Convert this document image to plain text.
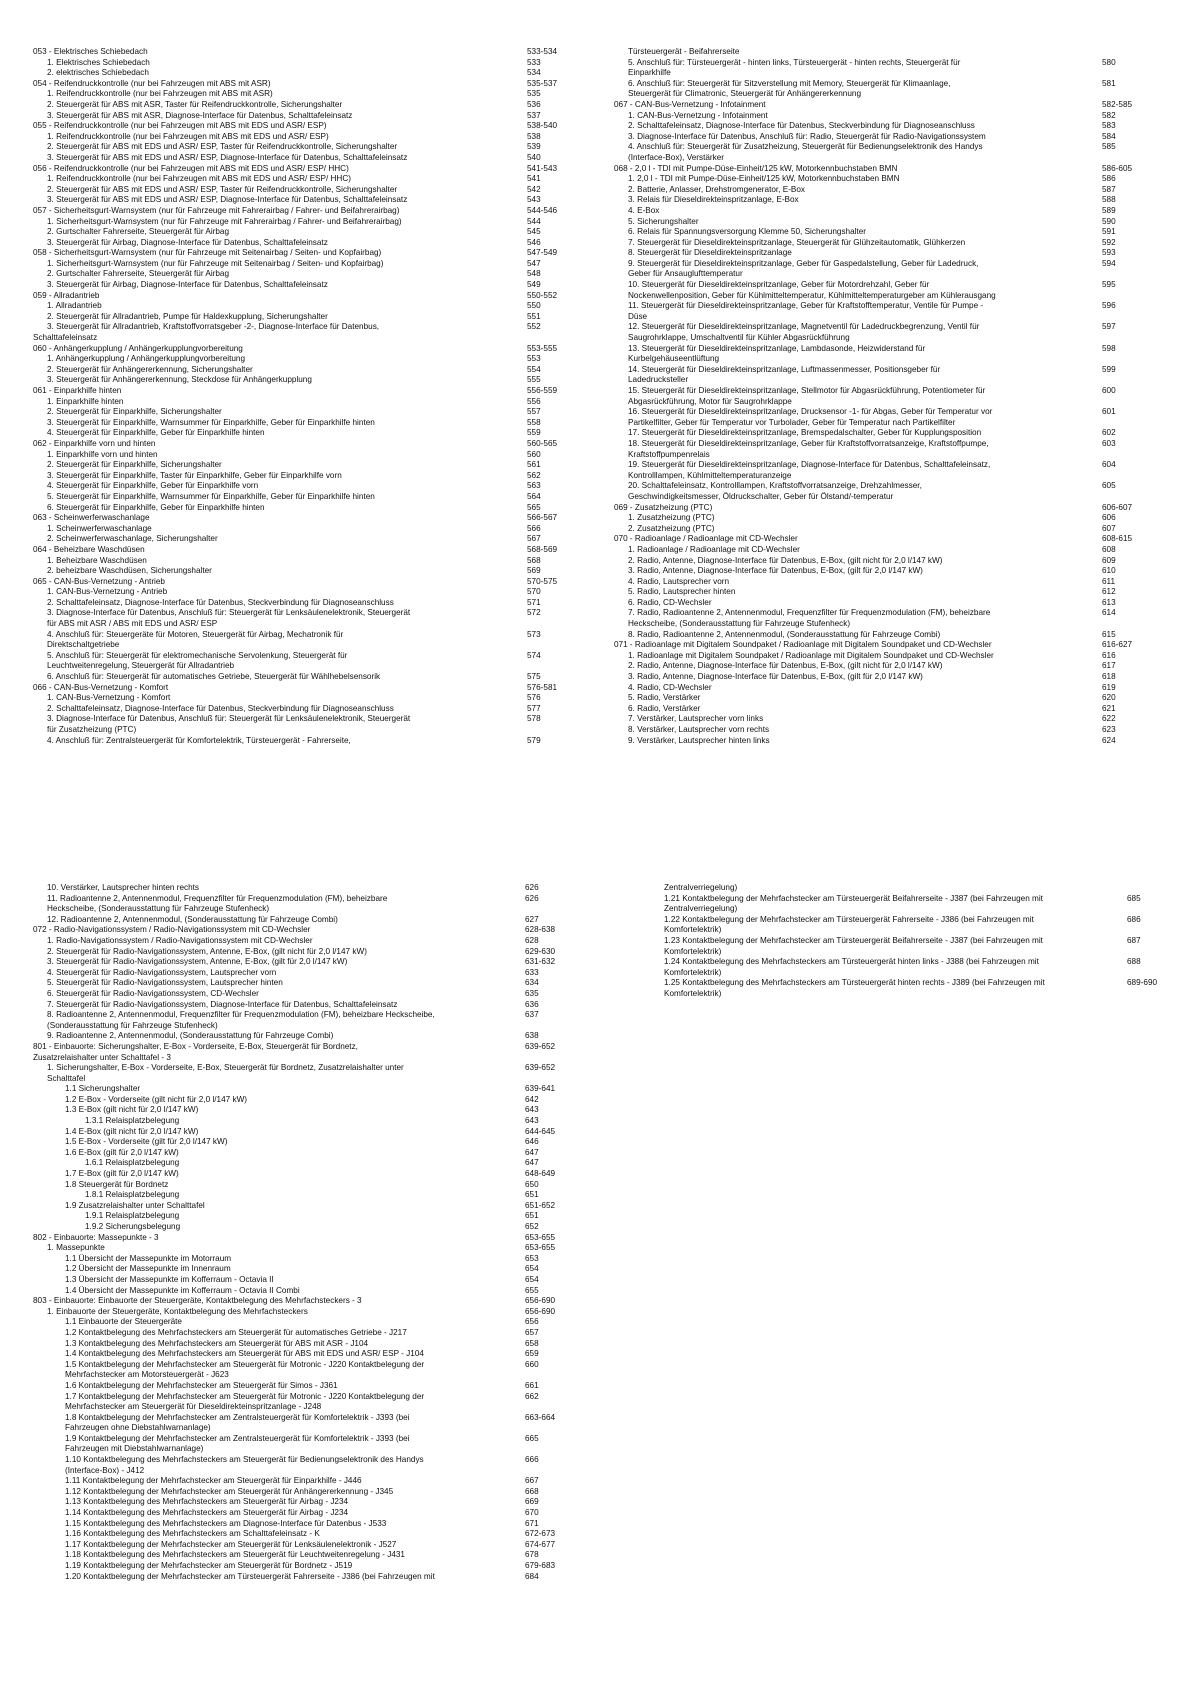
053 - Elektrisches Schiebedach	533-534
1. Elektrisches Schiebedach	533
2. elektrisches Schiebedach	534
054 - Reifendruckkontrolle (nur bei Fahrzeugen mit ABS mit ASR)	535-537
1. Reifendruckkontrolle (nur bei Fahrzeugen mit ABS mit ASR)	535
2. Steuergerät für ABS mit ASR, Taster für Reifendruckkontrolle, Sicherungshalter	536
3. Steuergerät für ABS mit ASR, Diagnose-Interface für Datenbus, Schalttafeleinsatz	537
055 - Reifendruckkontrolle (nur bei Fahrzeugen mit ABS mit EDS und ASR/ ESP)	538-540
1. Reifendruckkontrolle (nur bei Fahrzeugen mit ABS mit EDS und ASR/ ESP)	538
2. Steuergerät für ABS mit EDS und ASR/ ESP, Taster für Reifendruckkontrolle, Sicherungshalter	539
3. Steuergerät für ABS mit EDS und ASR/ ESP, Diagnose-Interface für Datenbus, Schalttafeleinsatz	540
056 - Reifendruckkontrolle (nur bei Fahrzeugen mit ABS mit EDS und ASR/ ESP/ HHC)	541-543
1. Reifendruckkontrolle (nur bei Fahrzeugen mit ABS mit EDS und ASR/ ESP/ HHC)	541
2. Steuergerät für ABS mit EDS und ASR/ ESP, Taster für Reifendruckkontrolle, Sicherungshalter	542
3. Steuergerät für ABS mit EDS und ASR/ ESP, Diagnose-Interface für Datenbus, Schalttafeleinsatz	543
057 - Sicherheitsgurt-Warnsystem (nur für Fahrzeuge mit Fahrerairbag / Fahrer- und Beifahrerairbag)	544-546
1. Sicherheitsgurt-Warnsystem (nur für Fahrzeuge mit Fahrerairbag / Fahrer- und Beifahrerairbag)	544
2. Gurtschalter Fahrerseite, Steuergerät für Airbag	545
3. Steuergerät für Airbag, Diagnose-Interface für Datenbus, Schalttafeleinsatz	546
058 - Sicherheitsgurt-Warnsystem (nur für Fahrzeuge mit Seitenairbag / Seiten- und Kopfairbag)	547-549
1. Sicherheitsgurt-Warnsystem (nur für Fahrzeuge mit Seitenairbag / Seiten- und Kopfairbag)	547
2. Gurtschalter Fahrerseite, Steuergerät für Airbag	548
3. Steuergerät für Airbag, Diagnose-Interface für Datenbus, Schalttafeleinsatz	549
059 - Allradantrieb	550-552
1. Allradantrieb	550
2. Steuergerät für Allradantrieb, Pumpe für Haldexkupplung, Sicherungshalter	551
3. Steuergerät für Allradantrieb, Kraftstoffvorratsgeber -2-, Diagnose-Interface für Datenbus,	552
Schalttafeleinsatz
060 - Anhängerkupplung / Anhängerkupplungvorbereitung	553-555
1. Anhängerkupplung / Anhängerkupplungvorbereitung	553
2. Steuergerät für Anhängererkennung, Sicherungshalter	554
3. Steuergerät für Anhängererkennung, Steckdose für Anhängerkupplung	555
061 - Einparkhilfe hinten	556-559
1. Einparkhilfe hinten	556
2. Steuergerät für Einparkhilfe, Sicherungshalter	557
3. Steuergerät für Einparkhilfe, Warnsummer für Einparkhilfe, Geber für Einparkhilfe hinten	558
4. Steuergerät für Einparkhilfe, Geber für Einparkhilfe hinten	559
062 - Einparkhilfe vorn und hinten	560-565
1. Einparkhilfe vorn und hinten	560
2. Steuergerät für Einparkhilfe, Sicherungshalter	561
3. Steuergerät für Einparkhilfe, Taster für Einparkhilfe, Geber für Einparkhilfe vorn	562
4. Steuergerät für Einparkhilfe, Geber für Einparkhilfe vorn	563
5. Steuergerät für Einparkhilfe, Warnsummer für Einparkhilfe, Geber für Einparkhilfe hinten	564
6. Steuergerät für Einparkhilfe, Geber für Einparkhilfe hinten	565
063 - Scheinwerferwaschanlage	566-567
1. Scheinwerferwaschanlage	566
2. Scheinwerferwaschanlage, Sicherungshalter	567
064 - Beheizbare Waschdüsen	568-569
1. Beheizbare Waschdüsen	568
2. beheizbare Waschdüsen, Sicherungshalter	569
065 - CAN-Bus-Vernetzung - Antrieb	570-575
1. CAN-Bus-Vernetzung - Antrieb	570
2. Schalttafeleinsatz, Diagnose-Interface für Datenbus, Steckverbindung für Diagnoseanschluss	571
3. Diagnose-Interface für Datenbus, Anschluß für: Steuergerät für Lenksäulenelektronik, Steuergerät	572
für ABS mit ASR / ABS mit EDS und ASR/ ESP
4. Anschluß für: Steuergeräte für Motoren, Steuergerät für Airbag, Mechatronik für	573
Direktschaltgetriebe
5. Anschluß für: Steuergerät für elektromechanische Servolenkung, Steuergerät für	574
Leuchtweitenregelung, Steuergerät für Allradantrieb
6. Anschluß für: Steuergerät für automatisches Getriebe, Steuergerät für Wählhebelsensorik	575
066 - CAN-Bus-Vernetzung - Komfort	576-581
1. CAN-Bus-Vernetzung - Komfort	576
2. Schalttafeleinsatz, Diagnose-Interface für Datenbus, Steckverbindung für Diagnoseanschluss	577
3. Diagnose-Interface für Datenbus, Anschluß für: Steuergerät für Lenksäulenelektronik, Steuergerät	578
für Zusatzheizung (PTC)
4. Anschluß für: Zentralsteuergerät für Komfortelektrik, Türsteuergerät - Fahrerseite,	579
Türsteuergerät - Beifahrerseite
5. Anschluß für: Türsteuergerät - hinten links, Türsteuergerät - hinten rechts, Steuergerät für	580
Einparkhilfe
6. Anschluß für: Steuergerät für Sitzverstellung mit Memory, Steuergerät für Klimaanlage,	581
Steuergerät für Climatronic, Steuergerät für Anhängererkennung
067 - CAN-Bus-Vernetzung - Infotainment	582-585
1. CAN-Bus-Vernetzung - Infotainment	582
2. Schalttafeleinsatz, Diagnose-Interface für Datenbus, Steckverbindung für Diagnoseanschluss	583
3. Diagnose-Interface für Datenbus, Anschluß für: Radio, Steuergerät für Radio-Navigationssystem	584
4. Anschluß für: Steuergerät für Zusatzheizung, Steuergerät für Bedienungselektronik des Handys	585
(Interface-Box), Verstärker
068 - 2,0 l - TDI mit Pumpe-Düse-Einheit/125 kW, Motorkennbuchstaben BMN	586-605
1. 2,0 l - TDI mit Pumpe-Düse-Einheit/125 kW, Motorkennbuchstaben BMN	586
2. Batterie, Anlasser, Drehstromgenerator, E-Box	587
3. Relais für Dieseldirekteinspritzanlage, E-Box	588
4. E-Box	589
5. Sicherungshalter	590
6. Relais für Spannungsversorgung Klemme 50, Sicherungshalter	591
7. Steuergerät für Dieseldirekteinspritzanlage, Steuergerät für Glühzeitautomatik, Glühkerzen	592
8. Steuergerät für Dieseldirekteinspritzanlage	593
9. Steuergerät für Dieseldirekteinspritzanlage, Geber für Gaspedalstellung, Geber für Ladedruck,	594
Geber für Ansauglufttemperatur
10. Steuergerät für Dieseldirekteinspritzanlage, Geber für Motordrehzahl, Geber für	595
Nockenwellenposition, Geber für Kühlmitteltemperatur, Kühlmitteltemperaturgeber am Kühlerausgang
11. Steuergerät für Dieseldirekteinspritzanlage, Geber für Kraftstofftemperatur, Ventile für Pumpe -	596
Düse
12. Steuergerät für Dieseldirekteinspritzanlage, Magnetventil für Ladedruckbegrenzung, Ventil für	597
Saugrohrklappe, Umschaltventil für Kühler Abgasrückführung
13. Steuergerät für Dieseldirekteinspritzanlage, Lambdasonde, Heizwiderstand für	598
Kurbelgehäuseentlüftung
14. Steuergerät für Dieseldirekteinspritzanlage, Luftmassenmesser, Positionsgeber für	599
Ladedrucksteller
15. Steuergerät für Dieseldirekteinspritzanlage, Stellmotor für Abgasrückführung, Potentiometer für	600
Abgasrückführung, Motor für Saugrohrklappe
16. Steuergerät für Dieseldirekteinspritzanlage, Drucksensor -1- für Abgas, Geber für Temperatur vor	601
Partikelfilter, Geber für Temperatur vor Turbolader, Geber für Temperatur nach Partikelfilter
17. Steuergerät für Dieseldirekteinspritzanlage, Bremspedalschalter, Geber für Kupplungsposition	602
18. Steuergerät für Dieseldirekteinspritzanlage, Geber für Kraftstoffvorratsanzeige, Kraftstoffpumpe,	603
Kraftstoffpumpenrelais
19. Steuergerät für Dieseldirekteinspritzanlage, Diagnose-Interface für Datenbus, Schalttafeleinsatz,	604
Kontrolllampen, Kühlmitteltemperaturanzeige
20. Schalttafeleinsatz, Kontrolllampen, Kraftstoffvorratsanzeige, Drehzahlmesser,	605
Geschwindigkeitsmesser, Öldruckschalter, Geber für Ölstand/-temperatur
069 - Zusatzheizung (PTC)	606-607
1. Zusatzheizung (PTC)	606
2. Zusatzheizung (PTC)	607
070 - Radioanlage / Radioanlage mit CD-Wechsler	608-615
1. Radioanlage / Radioanlage mit CD-Wechsler	608
2. Radio, Antenne, Diagnose-Interface für Datenbus, E-Box, (gilt nicht für 2,0 l/147 kW)	609
3. Radio, Antenne, Diagnose-Interface für Datenbus, E-Box, (gilt für 2,0 l/147 kW)	610
4. Radio, Lautsprecher vorn	611
5. Radio, Lautsprecher hinten	612
6. Radio, CD-Wechsler	613
7. Radio, Radioantenne 2, Antennenmodul, Frequenzfilter für Frequenzmodulation (FM), beheizbare	614
Heckscheibe, (Sonderausstattung für Fahrzeuge Stufenheck)
8. Radio, Radioantenne 2, Antennenmodul, (Sonderausstattung für Fahrzeuge Combi)	615
071 - Radioanlage mit Digitalem Soundpaket / Radioanlage mit Digitalem Soundpaket und CD-Wechsler	616-627
1. Radioanlage mit Digitalem Soundpaket / Radioanlage mit Digitalem Soundpaket und CD-Wechsler	616
2. Radio, Antenne, Diagnose-Interface für Datenbus, E-Box, (gilt nicht für 2,0 l/147 kW)	617
3. Radio, Antenne, Diagnose-Interface für Datenbus, E-Box, (gilt für 2,0 l/147 kW)	618
4. Radio, CD-Wechsler	619
5. Radio, Verstärker	620
6. Radio, Verstärker	621
7. Verstärker, Lautsprecher vorn links	622
8. Verstärker, Lautsprecher vorn rechts	623
9. Verstärker, Lautsprecher hinten links	624
10. Verstärker, Lautsprecher hinten rechts	626
11. Radioantenne 2, Antennenmodul, Frequenzfilter für Frequenzmodulation (FM), beheizbare	626
Heckscheibe, (Sonderausstattung für Fahrzeuge Stufenheck)
12. Radioantenne 2, Antennenmodul, (Sonderausstattung für Fahrzeuge Combi)	627
072 - Radio-Navigationssystem / Radio-Navigationssystem mit CD-Wechsler	628-638
1. Radio-Navigationssystem / Radio-Navigationssystem mit CD-Wechsler	628
2. Steuergerät für Radio-Navigationssystem, Antenne, E-Box, (gilt nicht für 2,0 l/147 kW)	629-630
3. Steuergerät für Radio-Navigationssystem, Antenne, E-Box, (gilt für 2,0 l/147 kW)	631-632
4. Steuergerät für Radio-Navigationssystem, Lautsprecher vorn	633
5. Steuergerät für Radio-Navigationssystem, Lautsprecher hinten	634
6. Steuergerät für Radio-Navigationssystem, CD-Wechsler	635
7. Steuergerät für Radio-Navigationssystem, Diagnose-Interface für Datenbus, Schalttafeleinsatz	636
8. Radioantenne 2, Antennenmodul, Frequenzfilter für Frequenzmodulation (FM), beheizbare Heckscheibe,	637
(Sonderausstattung für Fahrzeuge Stufenheck)
9. Radioantenne 2, Antennenmodul, (Sonderausstattung für Fahrzeuge Combi)	638
801 - Einbauorte: Sicherungshalter, E-Box - Vorderseite, E-Box, Steuergerät für Bordnetz,	639-652
Zusatzrelaishalter unter Schalttafel - 3
1. Sicherungshalter, E-Box - Vorderseite, E-Box, Steuergerät für Bordnetz, Zusatzrelaishalter unter	639-652
Schalttafel
1.1 Sicherungshalter	639-641
1.2 E-Box - Vorderseite (gilt nicht für 2,0 l/147 kW)	642
1.3 E-Box (gilt nicht für 2,0 l/147 kW)	643
1.3.1 Relaisplatzbelegung	643
1.4 E-Box (gilt nicht für 2,0 l/147 kW)	644-645
1.5 E-Box - Vorderseite (gilt für 2,0 l/147 kW)	646
1.6 E-Box (gilt für 2,0 l/147 kW)	647
1.6.1 Relaisplatzbelegung	647
1.7 E-Box (gilt für 2,0 l/147 kW)	648-649
1.8 Steuergerät für Bordnetz	650
1.8.1 Relaisplatzbelegung	651
1.9 Zusatzrelaishalter unter Schalttafel	651-652
1.9.1 Relaisplatzbelegung	651
1.9.2 Sicherungsbelegung	652
802 - Einbauorte: Massepunkte - 3	653-655
1. Massepunkte	653-655
1.1 Übersicht der Massepunkte im Motorraum	653
1.2 Übersicht der Massepunkte im Innenraum	654
1.3 Übersicht der Massepunkte im Kofferraum - Octavia II	654
1.4 Übersicht der Massepunkte im Kofferraum - Octavia II Combi	655
803 - Einbauorte: Einbauorte der Steuergeräte, Kontaktbelegung des Mehrfachsteckers - 3	656-690
1. Einbauorte der Steuergeräte, Kontaktbelegung des Mehrfachsteckers	656-690
1.1 Einbauorte der Steuergeräte	656
1.2 Kontaktbelegung des Mehrfachsteckers am Steuergerät für automatisches Getriebe - J217	657
1.3 Kontaktbelegung des Mehrfachsteckers am Steuergerät für ABS mit ASR - J104	658
1.4 Kontaktbelegung des Mehrfachsteckers am Steuergerät für ABS mit EDS und ASR/ ESP - J104	659
1.5 Kontaktbelegung der Mehrfachstecker am Steuergerät für Motronic - J220 Kontaktbelegung der	660
Mehrfachstecker am Motorsteuergerät - J623
1.6 Kontaktbelegung der Mehrfachstecker am Steuergerät für Simos - J361	661
1.7 Kontaktbelegung der Mehrfachstecker am Steuergerät für Motronic - J220 Kontaktbelegung der	662
Mehrfachstecker am Steuergerät für Dieseldirekteinspritzanlage - J248
1.8 Kontaktbelegung der Mehrfachstecker am Zentralsteuergerät für Komfortelektrik - J393 (bei	663-664
Fahrzeugen ohne Diebstahlwarnanlage)
1.9 Kontaktbelegung der Mehrfachstecker am Zentralsteuergerät für Komfortelektrik - J393 (bei	665
Fahrzeugen mit Diebstahlwarnanlage)
1.10 Kontaktbelegung des Mehrfachsteckers am Steuergerät für Bedienungselektronik des Handys	666
(Interface-Box) - J412
1.11 Kontaktbelegung der Mehrfachstecker am Steuergerät für Einparkhilfe - J446	667
1.12 Kontaktbelegung der Mehrfachstecker am Steuergerät für Anhängererkennung - J345	668
1.13 Kontaktbelegung des Mehrfachsteckers am Steuergerät für Airbag - J234	669
1.14 Kontaktbelegung des Mehrfachsteckers am Steuergerät für Airbag - J234	670
1.15 Kontaktbelegung des Mehrfachsteckers am Diagnose-Interface für Datenbus - J533	671
1.16 Kontaktbelegung des Mehrfachsteckers am Schalttafeleinsatz - K	672-673
1.17 Kontaktbelegung der Mehrfachstecker am Steuergerät für Lenksäulenelektronik - J527	674-677
1.18 Kontaktbelegung des Mehrfachsteckers am Steuergerät für Leuchtweitenregelung - J431	678
1.19 Kontaktbelegung der Mehrfachstecker am Steuergerät für Bordnetz - J519	679-683
1.20 Kontaktbelegung der Mehrfachstecker am Türsteuergerät Fahrerseite - J386 (bei Fahrzeugen mit	684
Zentralverriegelung)
1.21 Kontaktbelegung der Mehrfachstecker am Türsteuergerät Beifahrerseite - J387 (bei Fahrzeugen mit	685
Zentralverriegelung)
1.22 Kontaktbelegung der Mehrfachstecker am Türsteuergerät Fahrerseite - J386 (bei Fahrzeugen mit	686
Komfortelektrik)
1.23 Kontaktbelegung der Mehrfachstecker am Türsteuergerät Beifahrerseite - J387 (bei Fahrzeugen mit	687
Komfortelektrik)
1.24 Kontaktbelegung des Mehrfachsteckers am Türsteuergerät hinten links - J388 (bei Fahrzeugen mit	688
Komfortelektrik)
1.25 Kontaktbelegung des Mehrfachsteckers am Türsteuergerät hinten rechts - J389 (bei Fahrzeugen mit	689-690
Komfortelektrik)
